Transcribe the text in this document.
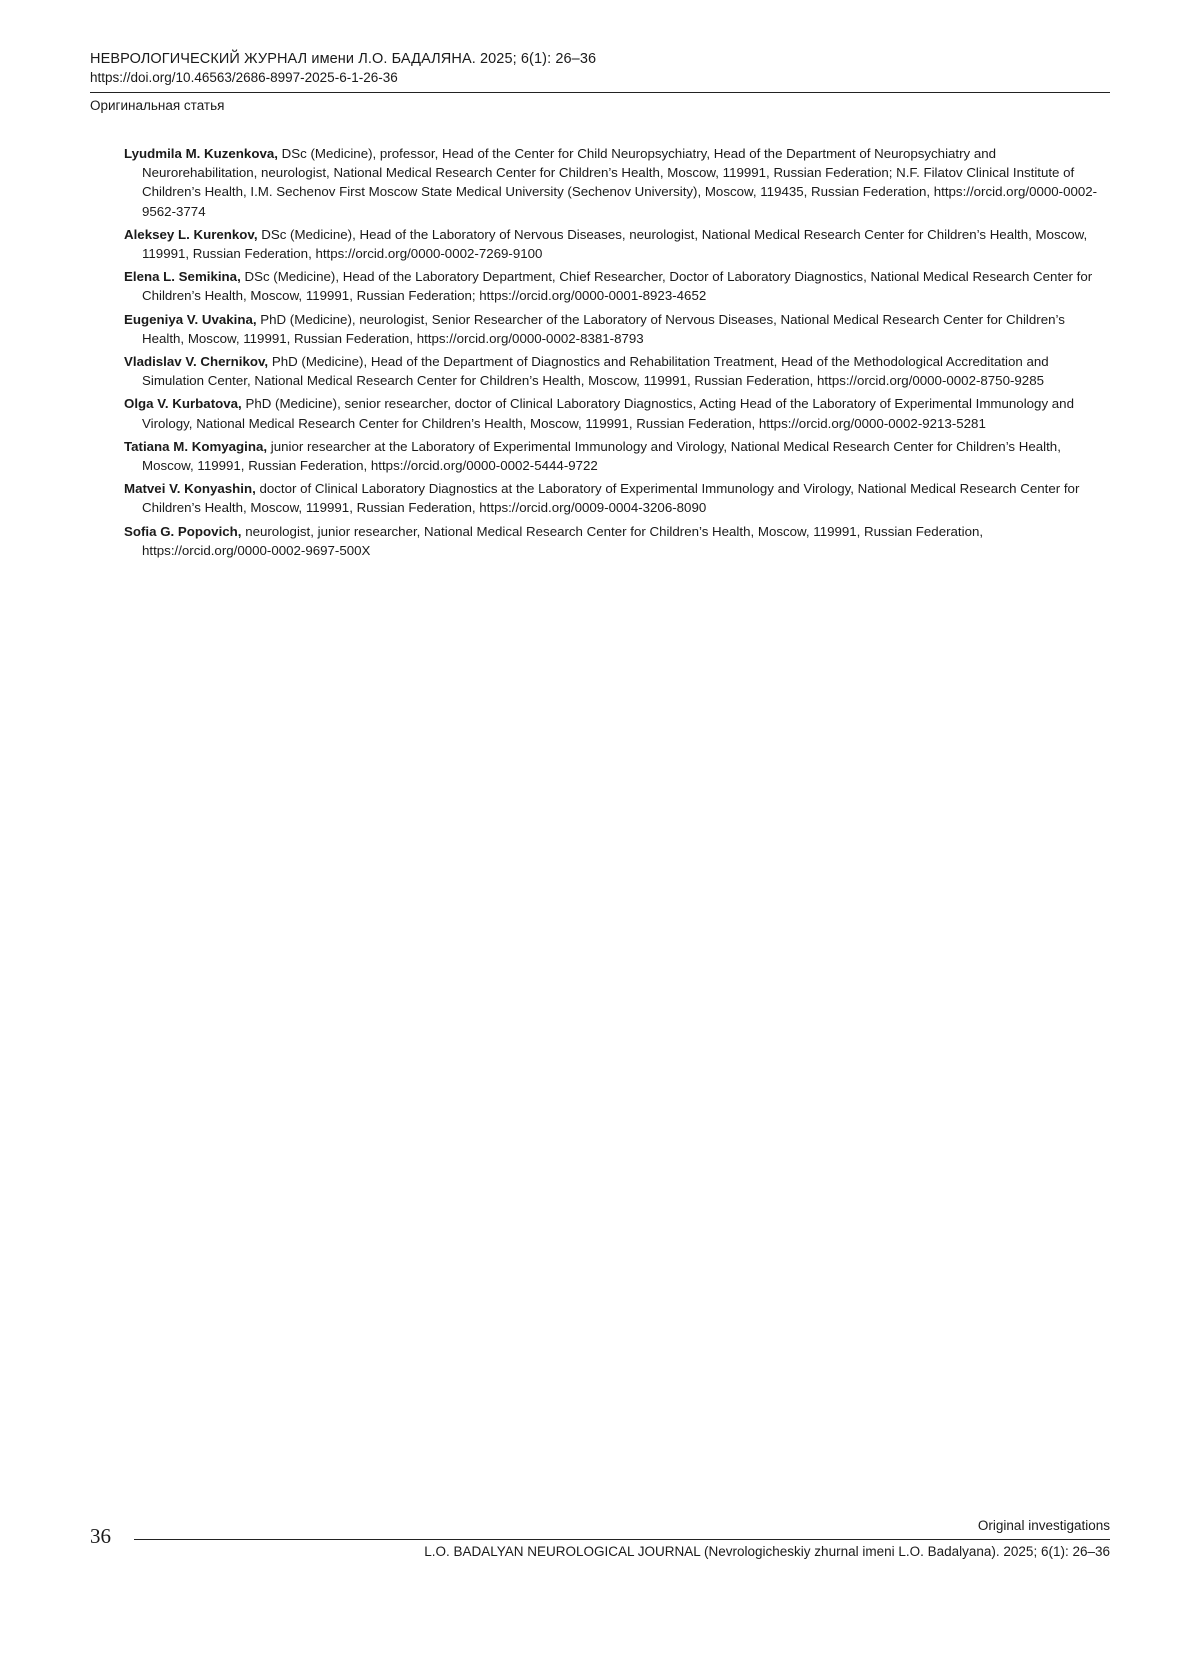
НЕВРОЛОГИЧЕСКИЙ ЖУРНАЛ имени Л.О. БАДАЛЯНА. 2025; 6(1): 26–36
https://doi.org/10.46563/2686-8997-2025-6-1-26-36
Оригинальная статья
Lyudmila M. Kuzenkova, DSc (Medicine), professor, Head of the Center for Child Neuropsychiatry, Head of the Department of Neuropsychiatry and Neurorehabilitation, neurologist, National Medical Research Center for Children’s Health, Moscow, 119991, Russian Federation; N.F. Filatov Clinical Institute of Children’s Health, I.M. Sechenov First Moscow State Medical University (Sechenov University), Moscow, 119435, Russian Federation, https://orcid.org/0000-0002-9562-3774
Aleksey L. Kurenkov, DSc (Medicine), Head of the Laboratory of Nervous Diseases, neurologist, National Medical Research Center for Children’s Health, Moscow, 119991, Russian Federation, https://orcid.org/0000-0002-7269-9100
Elena L. Semikina, DSc (Medicine), Head of the Laboratory Department, Chief Researcher, Doctor of Laboratory Diagnostics, National Medical Research Center for Children’s Health, Moscow, 119991, Russian Federation; https://orcid.org/0000-0001-8923-4652
Eugeniya V. Uvakina, PhD (Medicine), neurologist, Senior Researcher of the Laboratory of Nervous Diseases, National Medical Research Center for Children’s Health, Moscow, 119991, Russian Federation, https://orcid.org/0000-0002-8381-8793
Vladislav V. Chernikov, PhD (Medicine), Head of the Department of Diagnostics and Rehabilitation Treatment, Head of the Methodological Accreditation and Simulation Center, National Medical Research Center for Children’s Health, Moscow, 119991, Russian Federation, https://orcid.org/0000-0002-8750-9285
Olga V. Kurbatova, PhD (Medicine), senior researcher, doctor of Clinical Laboratory Diagnostics, Acting Head of the Laboratory of Experimental Immunology and Virology, National Medical Research Center for Children’s Health, Moscow, 119991, Russian Federation, https://orcid.org/0000-0002-9213-5281
Tatiana M. Komyagina, junior researcher at the Laboratory of Experimental Immunology and Virology, National Medical Research Center for Children’s Health, Moscow, 119991, Russian Federation, https://orcid.org/0000-0002-5444-9722
Matvei V. Konyashin, doctor of Clinical Laboratory Diagnostics at the Laboratory of Experimental Immunology and Virology, National Medical Research Center for Children’s Health, Moscow, 119991, Russian Federation, https://orcid.org/0009-0004-3206-8090
Sofia G. Popovich, neurologist, junior researcher, National Medical Research Center for Children’s Health, Moscow, 119991, Russian Federation, https://orcid.org/0000-0002-9697-500X
36	Original investigations
L.O. BADALYAN NEUROLOGICAL JOURNAL (Nevrologicheskiy zhurnal imeni L.O. Badalyana). 2025; 6(1): 26–36
